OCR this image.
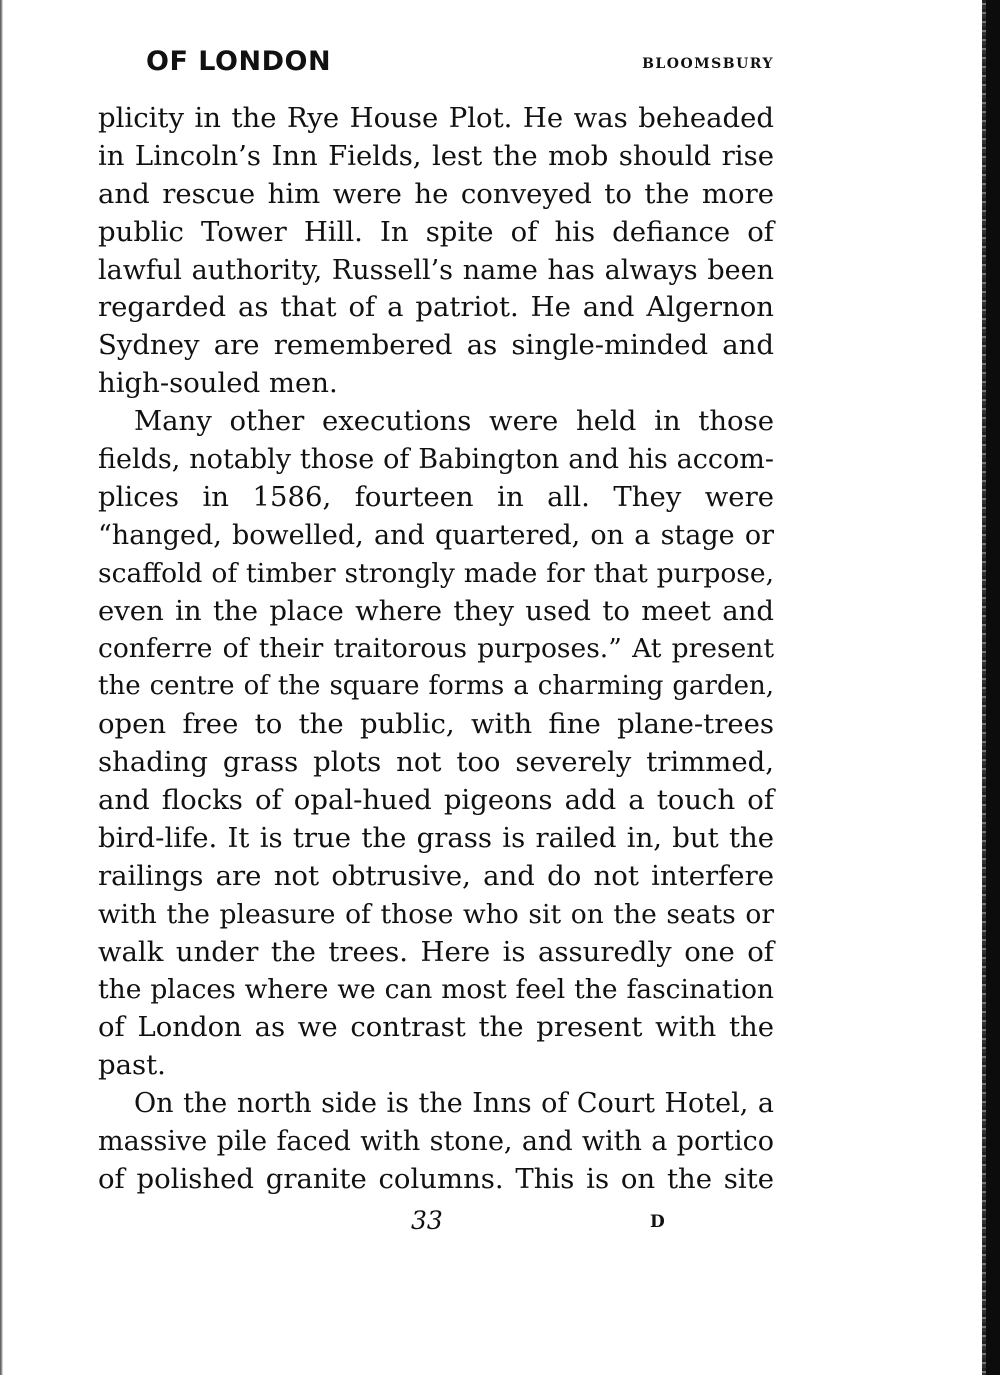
OF LONDON	BLOOMSBURY

plicity in the Rye House Plot. He was beheaded
in Lincoln’s Inn Fields, lest the mob should rise
and rescue him were he conveyed to the more
public Tower Hill. In spite of his defiance of
lawful authority, Russell’s name has always been
regarded as that of a patriot. He and Algernon
Sydney are remembered as single-minded and
high-souled men.

Many other executions were held in those
fields, notably those of Babington and his accom-
plices in 1586, fourteen in all. They were
“hanged, bowelled, and quartered, on a stage or
scaffold of timber strongly made for that purpose,
even in the place where they used to meet and
conferre of their traitorous purposes.” At present
the centre of the square forms a charming garden,
open free to the public, with fine plane-trees
shading grass plots not too severely trimmed,
and flocks of opal-hued pigeons add a touch of
bird-life. It is true the grass is railed in, but the
railings are not obtrusive, and do not interfere
with the pleasure of those who sit on the seats or
walk under the trees. Here is assuredly one of
the places where we can most feel the fascination
of London as we contrast the present with the
past.

On the north side is the Inns of Court Hotel, a
massive pile faced with stone, and with a portico
of polished granite columns. This is on the site

33	D
